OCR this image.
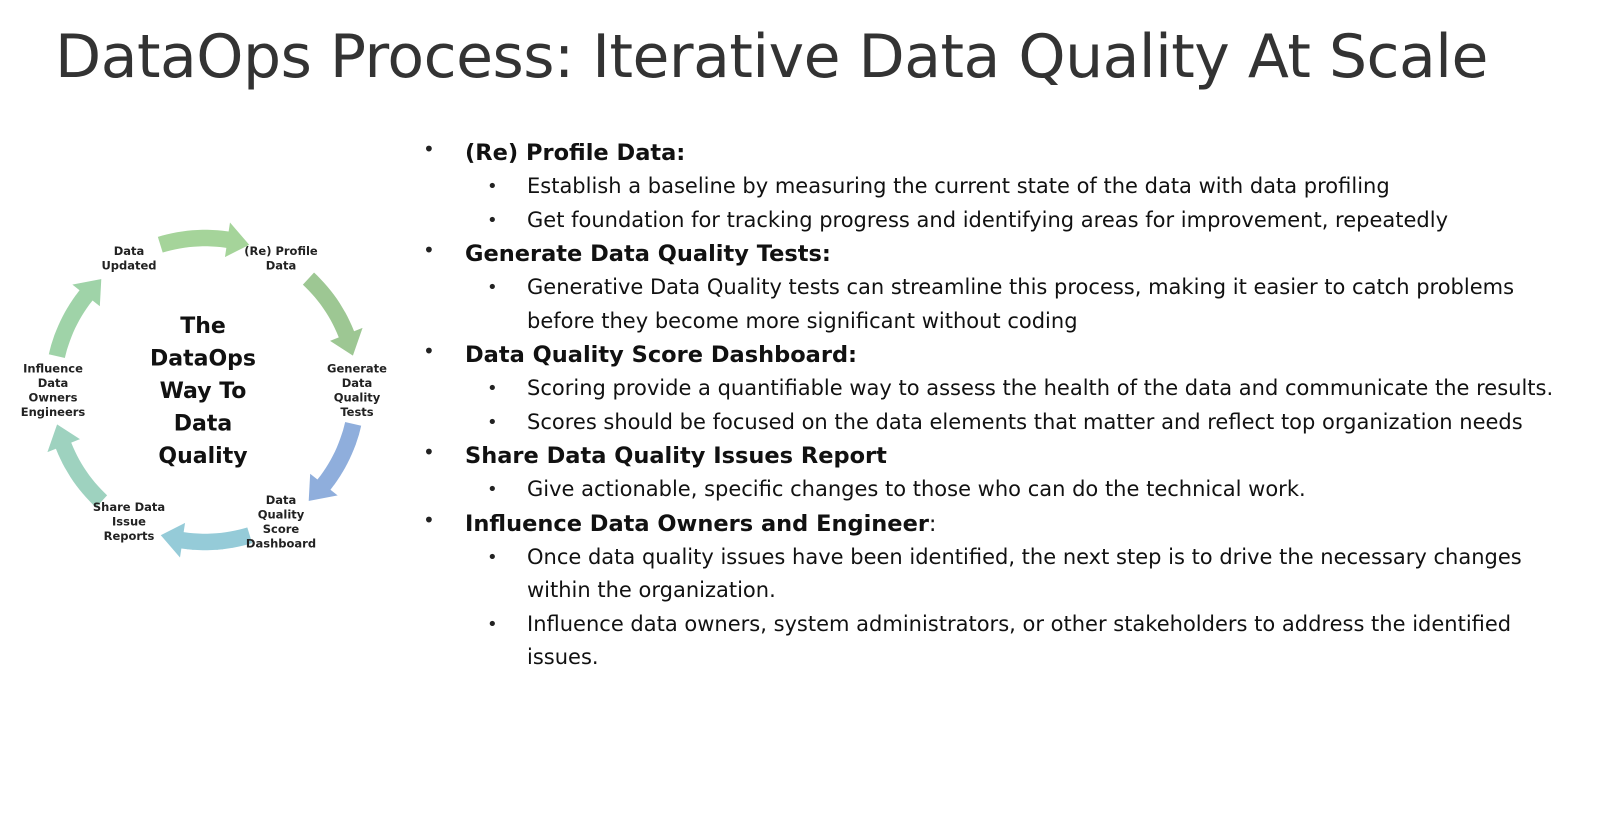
DataOps Process: Iterative Data Quality At Scale
(Re) Profile Data
Generate Data Quality Tests
Data Quality Score Dashboard
Share Data Issue Reports
Influence Data Owners Engineers
Data Updated
The DataOps Way To Data Quality
• (Re) Profile Data:
• Establish a baseline by measuring the current state of the data with data profiling
• Get foundation for tracking progress and identifying areas for improvement, repeatedly
• Generate Data Quality Tests:
• Generative Data Quality tests can streamline this process, making it easier to catch problems before they become more significant without coding
• Data Quality Score Dashboard:
• Scoring provide a quantifiable way to assess the health of the data and communicate the results.
• Scores should be focused on the data elements that matter and reflect top organization needs
• Share Data Quality Issues Report
• Give actionable, specific changes to those who can do the technical work.
• Influence Data Owners and Engineer:
• Once data quality issues have been identified, the next step is to drive the necessary changes within the organization.
• Influence data owners, system administrators, or other stakeholders to address the identified issues.
